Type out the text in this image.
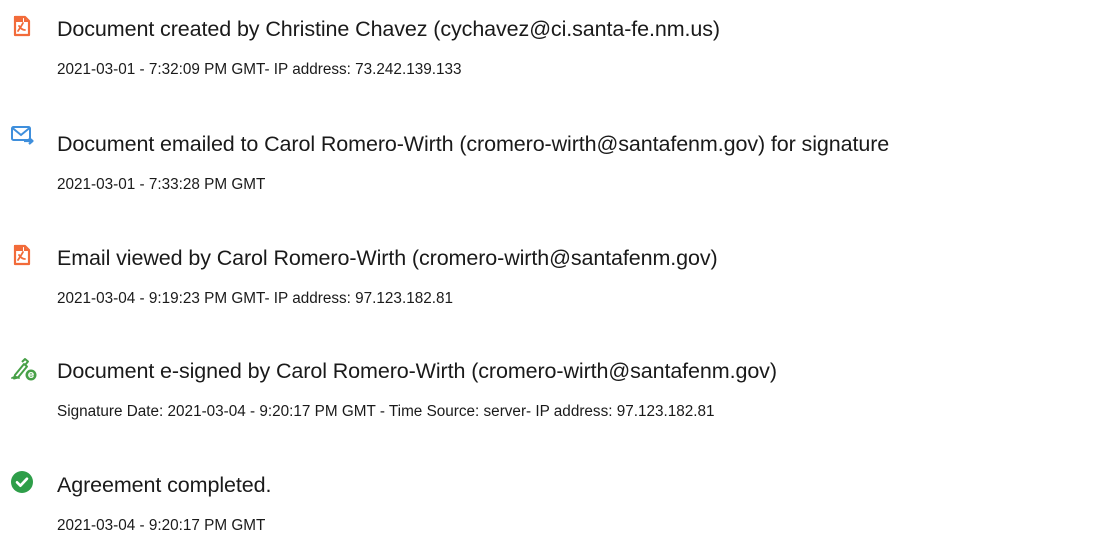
Document created by Christine Chavez (cychavez@ci.santa-fe.nm.us)
2021-03-01 - 7:32:09 PM GMT- IP address: 73.242.139.133
Document emailed to Carol Romero-Wirth (cromero-wirth@santafenm.gov) for signature
2021-03-01 - 7:33:28 PM GMT
Email viewed by Carol Romero-Wirth (cromero-wirth@santafenm.gov)
2021-03-04 - 9:19:23 PM GMT- IP address: 97.123.182.81
Document e-signed by Carol Romero-Wirth (cromero-wirth@santafenm.gov)
Signature Date: 2021-03-04 - 9:20:17 PM GMT - Time Source: server- IP address: 97.123.182.81
Agreement completed.
2021-03-04 - 9:20:17 PM GMT
